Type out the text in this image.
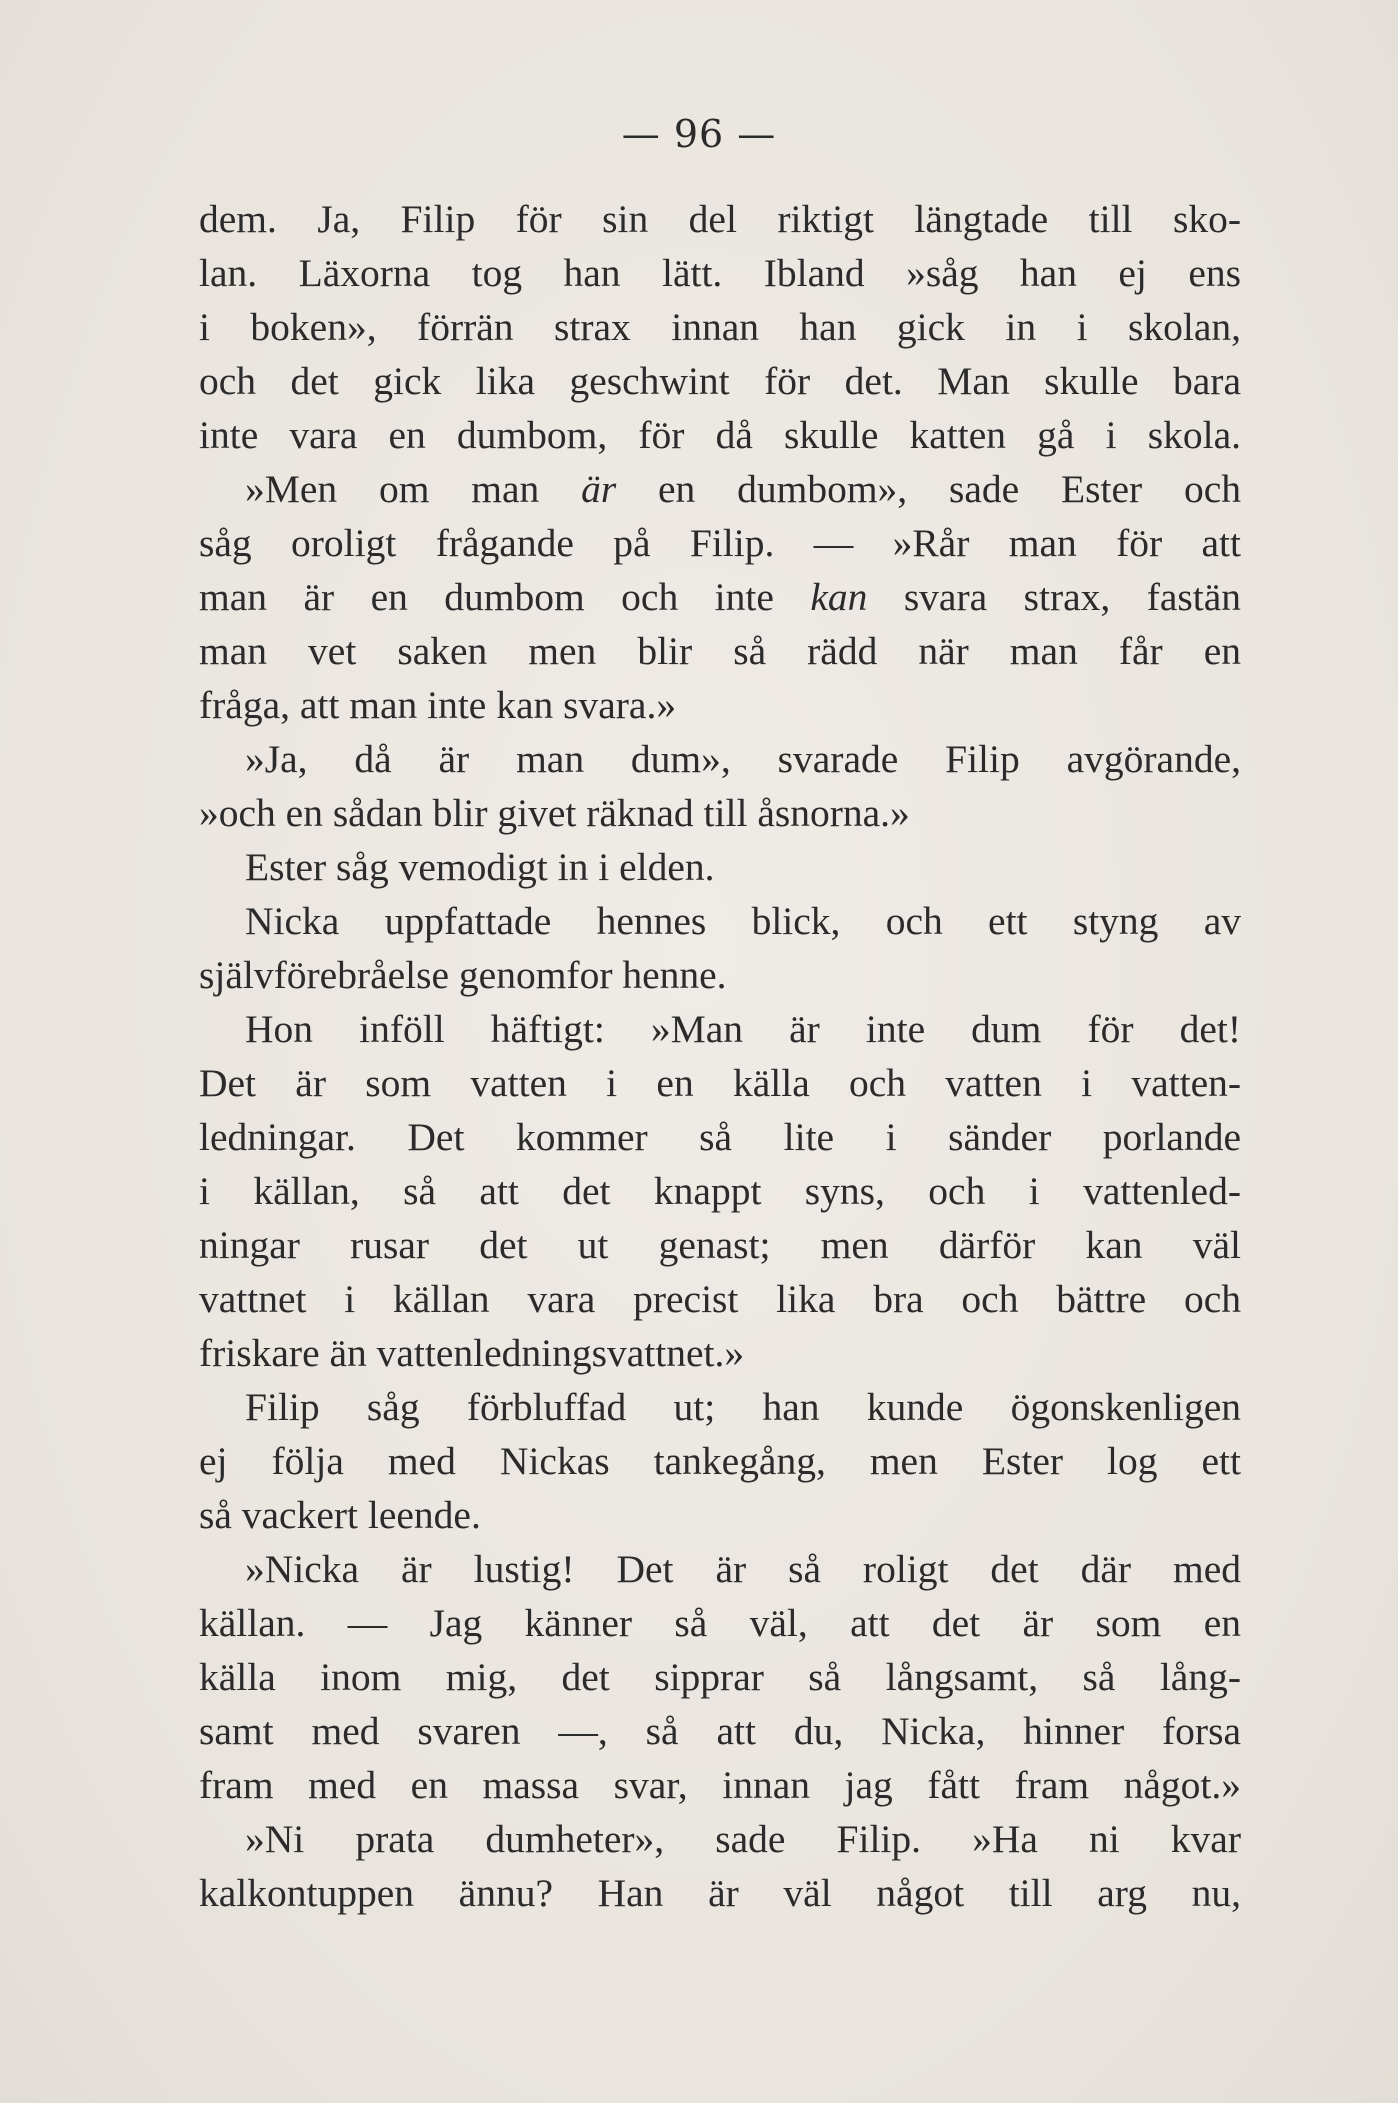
— 96 —
dem. Ja, Filip för sin del riktigt längtade till sko-
lan. Läxorna tog han lätt. Ibland »såg han ej ens
i boken», förrän strax innan han gick in i skolan,
och det gick lika geschwint för det. Man skulle bara
inte vara en dumbom, för då skulle katten gå i skola.
»Men om man är en dumbom», sade Ester och
såg oroligt frågande på Filip. — »Rår man för att
man är en dumbom och inte kan svara strax, fastän
man vet saken men blir så rädd när man får en
fråga, att man inte kan svara.»
»Ja, då är man dum», svarade Filip avgörande,
»och en sådan blir givet räknad till åsnorna.»
Ester såg vemodigt in i elden.
Nicka uppfattade hennes blick, och ett styng av
självförebråelse genomfor henne.
Hon inföll häftigt: »Man är inte dum för det!
Det är som vatten i en källa och vatten i vatten-
ledningar. Det kommer så lite i sänder porlande
i källan, så att det knappt syns, och i vattenled-
ningar rusar det ut genast; men därför kan väl
vattnet i källan vara precist lika bra och bättre och
friskare än vattenledningsvattnet.»
Filip såg förbluffad ut; han kunde ögonskenligen
ej följa med Nickas tankegång, men Ester log ett
så vackert leende.
»Nicka är lustig! Det är så roligt det där med
källan. — Jag känner så väl, att det är som en
källa inom mig, det sipprar så långsamt, så lång-
samt med svaren —, så att du, Nicka, hinner forsa
fram med en massa svar, innan jag fått fram något.»
»Ni prata dumheter», sade Filip. »Ha ni kvar
kalkontuppen ännu? Han är väl något till arg nu,
